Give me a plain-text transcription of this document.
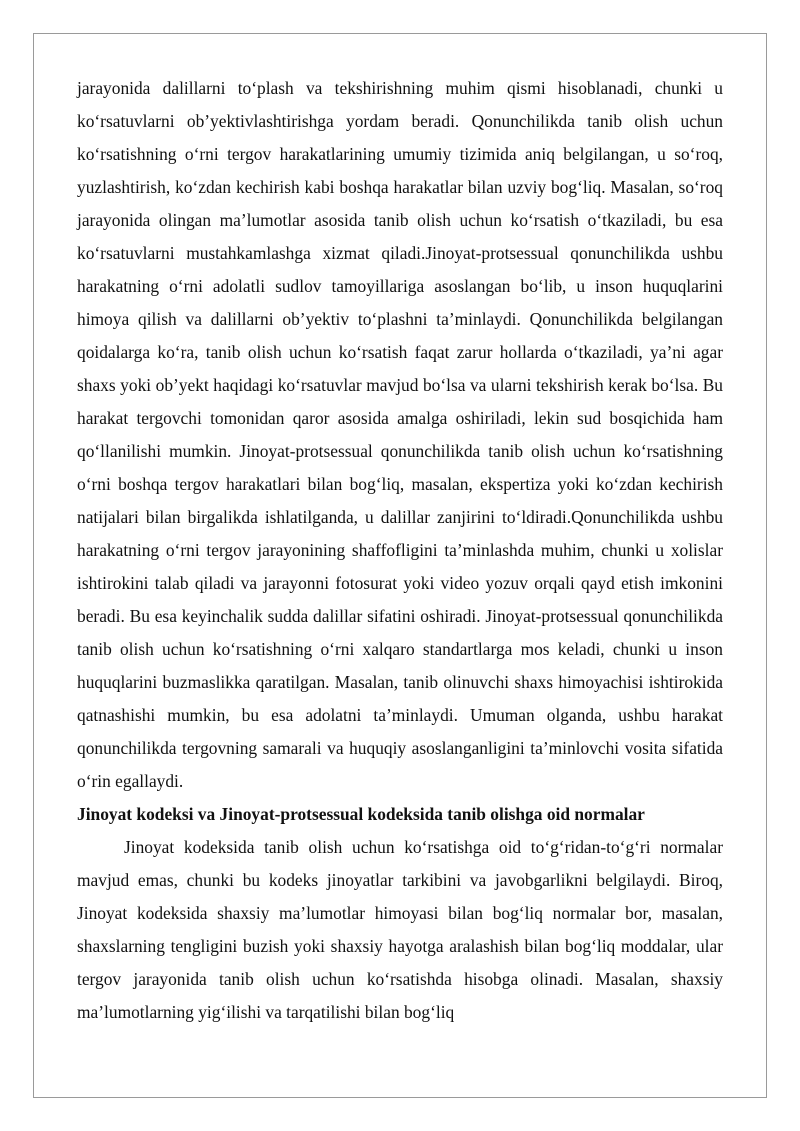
jarayonida dalillarni to‘plash va tekshirishning muhim qismi hisoblanadi, chunki u ko‘rsatuvlarni ob’yektivlashtirishga yordam beradi. Qonunchilikda tanib olish uchun ko‘rsatishning o‘rni tergov harakatlarining umumiy tizimida aniq belgilangan, u so‘roq, yuzlashtirish, ko‘zdan kechirish kabi boshqa harakatlar bilan uzviy bog‘liq. Masalan, so‘roq jarayonida olingan ma’lumotlar asosida tanib olish uchun ko‘rsatish o‘tkaziladi, bu esa ko‘rsatuvlarni mustahkamlashga xizmat qiladi.Jinoyat-protsessual qonunchilikda ushbu harakatning o‘rni adolatli sudlov tamoyillariga asoslangan bo‘lib, u inson huquqlarini himoya qilish va dalillarni ob’yektiv to‘plashni ta’minlaydi. Qonunchilikda belgilangan qoidalarga ko‘ra, tanib olish uchun ko‘rsatish faqat zarur hollarda o‘tkaziladi, ya’ni agar shaxs yoki ob’yekt haqidagi ko‘rsatuvlar mavjud bo‘lsa va ularni tekshirish kerak bo‘lsa. Bu harakat tergovchi tomonidan qaror asosida amalga oshiriladi, lekin sud bosqichida ham qo‘llanilishi mumkin. Jinoyat-protsessual qonunchilikda tanib olish uchun ko‘rsatishning o‘rni boshqa tergov harakatlari bilan bog‘liq, masalan, ekspertiza yoki ko‘zdan kechirish natijalari bilan birgalikda ishlatilganda, u dalillar zanjirini to‘ldiradi.Qonunchilikda ushbu harakatning o‘rni tergov jarayonining shaffofligini ta’minlashda muhim, chunki u xolislar ishtirokini talab qiladi va jarayonni fotosurat yoki video yozuv orqali qayd etish imkonini beradi. Bu esa keyinchalik sudda dalillar sifatini oshiradi. Jinoyat-protsessual qonunchilikda tanib olish uchun ko‘rsatishning o‘rni xalqaro standartlarga mos keladi, chunki u inson huquqlarini buzmaslikka qaratilgan. Masalan, tanib olinuvchi shaxs himoyachisi ishtirokida qatnashishi mumkin, bu esa adolatni ta’minlaydi. Umuman olganda, ushbu harakat qonunchilikda tergovning samarali va huquqiy asoslanganligini ta’minlovchi vosita sifatida o‘rin egallaydi.

Jinoyat kodeksi va Jinoyat-protsessual kodeksida tanib olishga oid normalar

Jinoyat kodeksida tanib olish uchun ko‘rsatishga oid to‘g‘ridan-to‘g‘ri normalar mavjud emas, chunki bu kodeks jinoyatlar tarkibini va javobgarlikni belgilaydi. Biroq, Jinoyat kodeksida shaxsiy ma’lumotlar himoyasi bilan bog‘liq normalar bor, masalan, shaxslarning tengligini buzish yoki shaxsiy hayotga aralashish bilan bog‘liq moddalar, ular tergov jarayonida tanib olish uchun ko‘rsatishda hisobga olinadi. Masalan, shaxsiy ma’lumotlarning yig‘ilishi va tarqatilishi bilan bog‘liq
